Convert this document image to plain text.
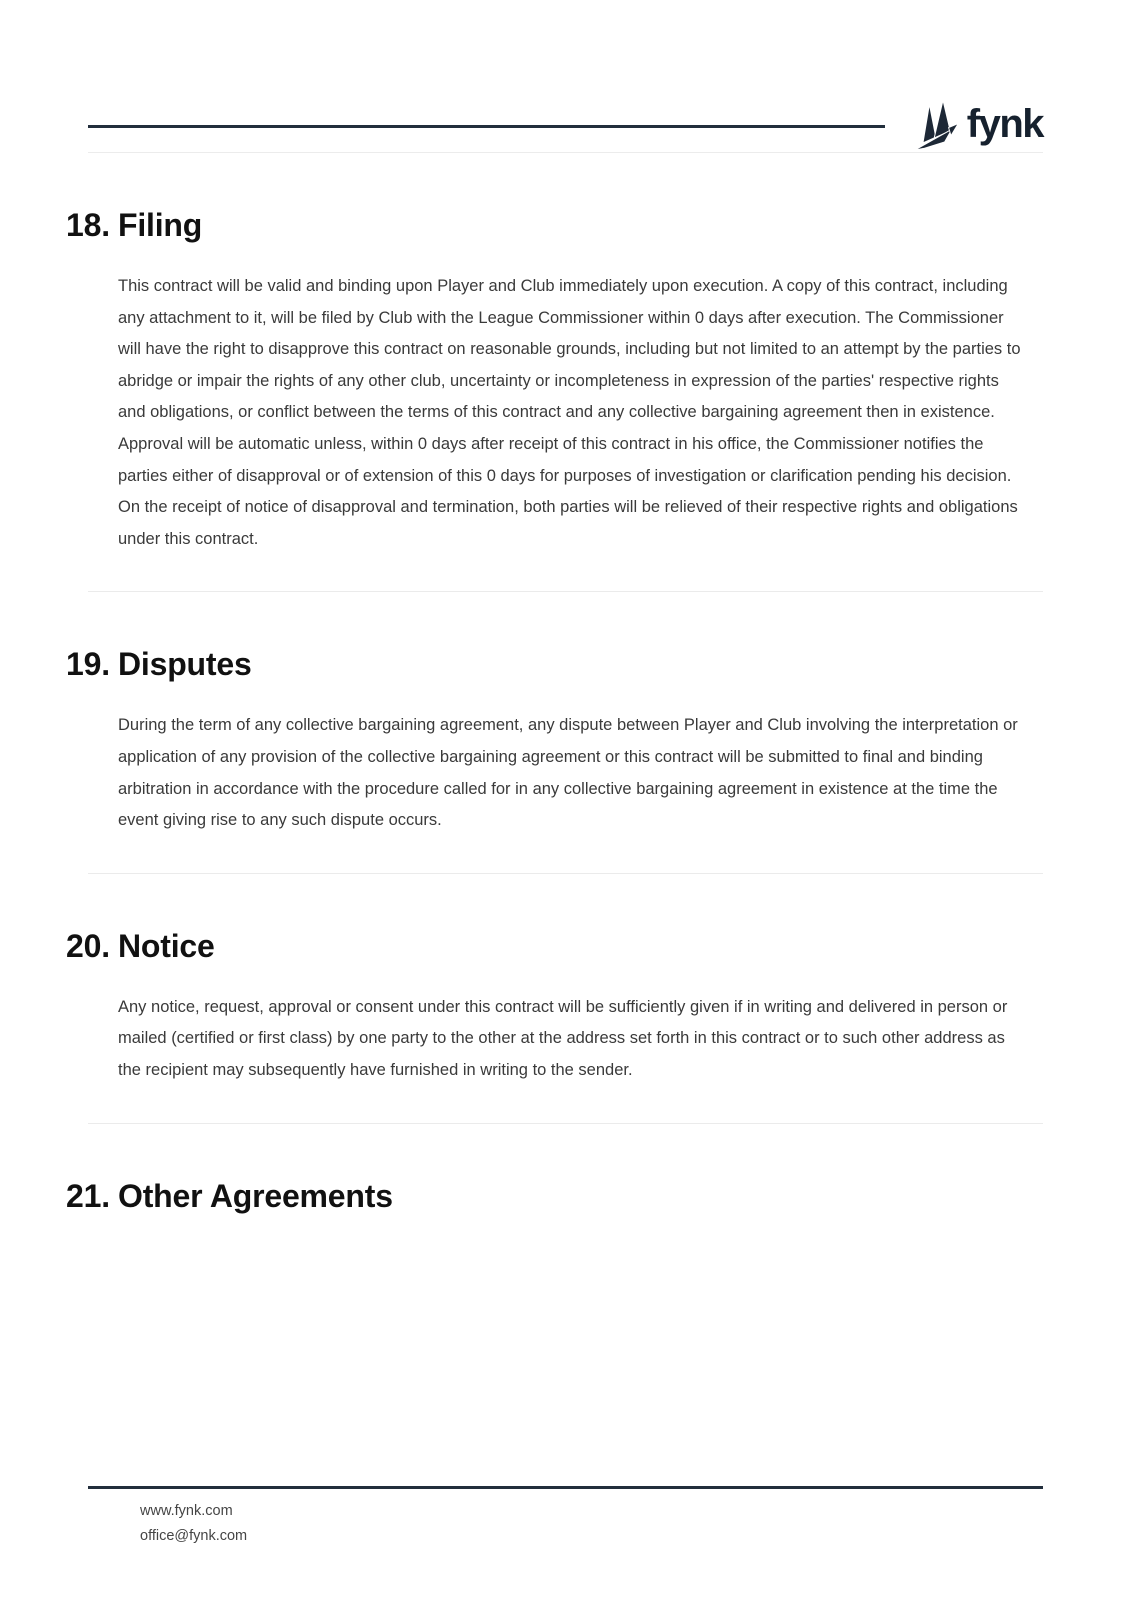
fynk
18. Filing

This contract will be valid and binding upon Player and Club immediately upon execution. A copy of this contract, including any attachment to it, will be filed by Club with the League Commissioner within 0 days after execution. The Commissioner will have the right to disapprove this contract on reasonable grounds, including but not limited to an attempt by the parties to abridge or impair the rights of any other club, uncertainty or incompleteness in expression of the parties' respective rights and obligations, or conflict between the terms of this contract and any collective bargaining agreement then in existence. Approval will be automatic unless, within 0 days after receipt of this contract in his office, the Commissioner notifies the parties either of disapproval or of extension of this 0 days for purposes of investigation or clarification pending his decision. On the receipt of notice of disapproval and termination, both parties will be relieved of their respective rights and obligations under this contract.

19. Disputes

During the term of any collective bargaining agreement, any dispute between Player and Club involving the interpretation or application of any provision of the collective bargaining agreement or this contract will be submitted to final and binding arbitration in accordance with the procedure called for in any collective bargaining agreement in existence at the time the event giving rise to any such dispute occurs.

20. Notice

Any notice, request, approval or consent under this contract will be sufficiently given if in writing and delivered in person or mailed (certified or first class) by one party to the other at the address set forth in this contract or to such other address as the recipient may subsequently have furnished in writing to the sender.

21. Other Agreements
www.fynk.com
office@fynk.com
